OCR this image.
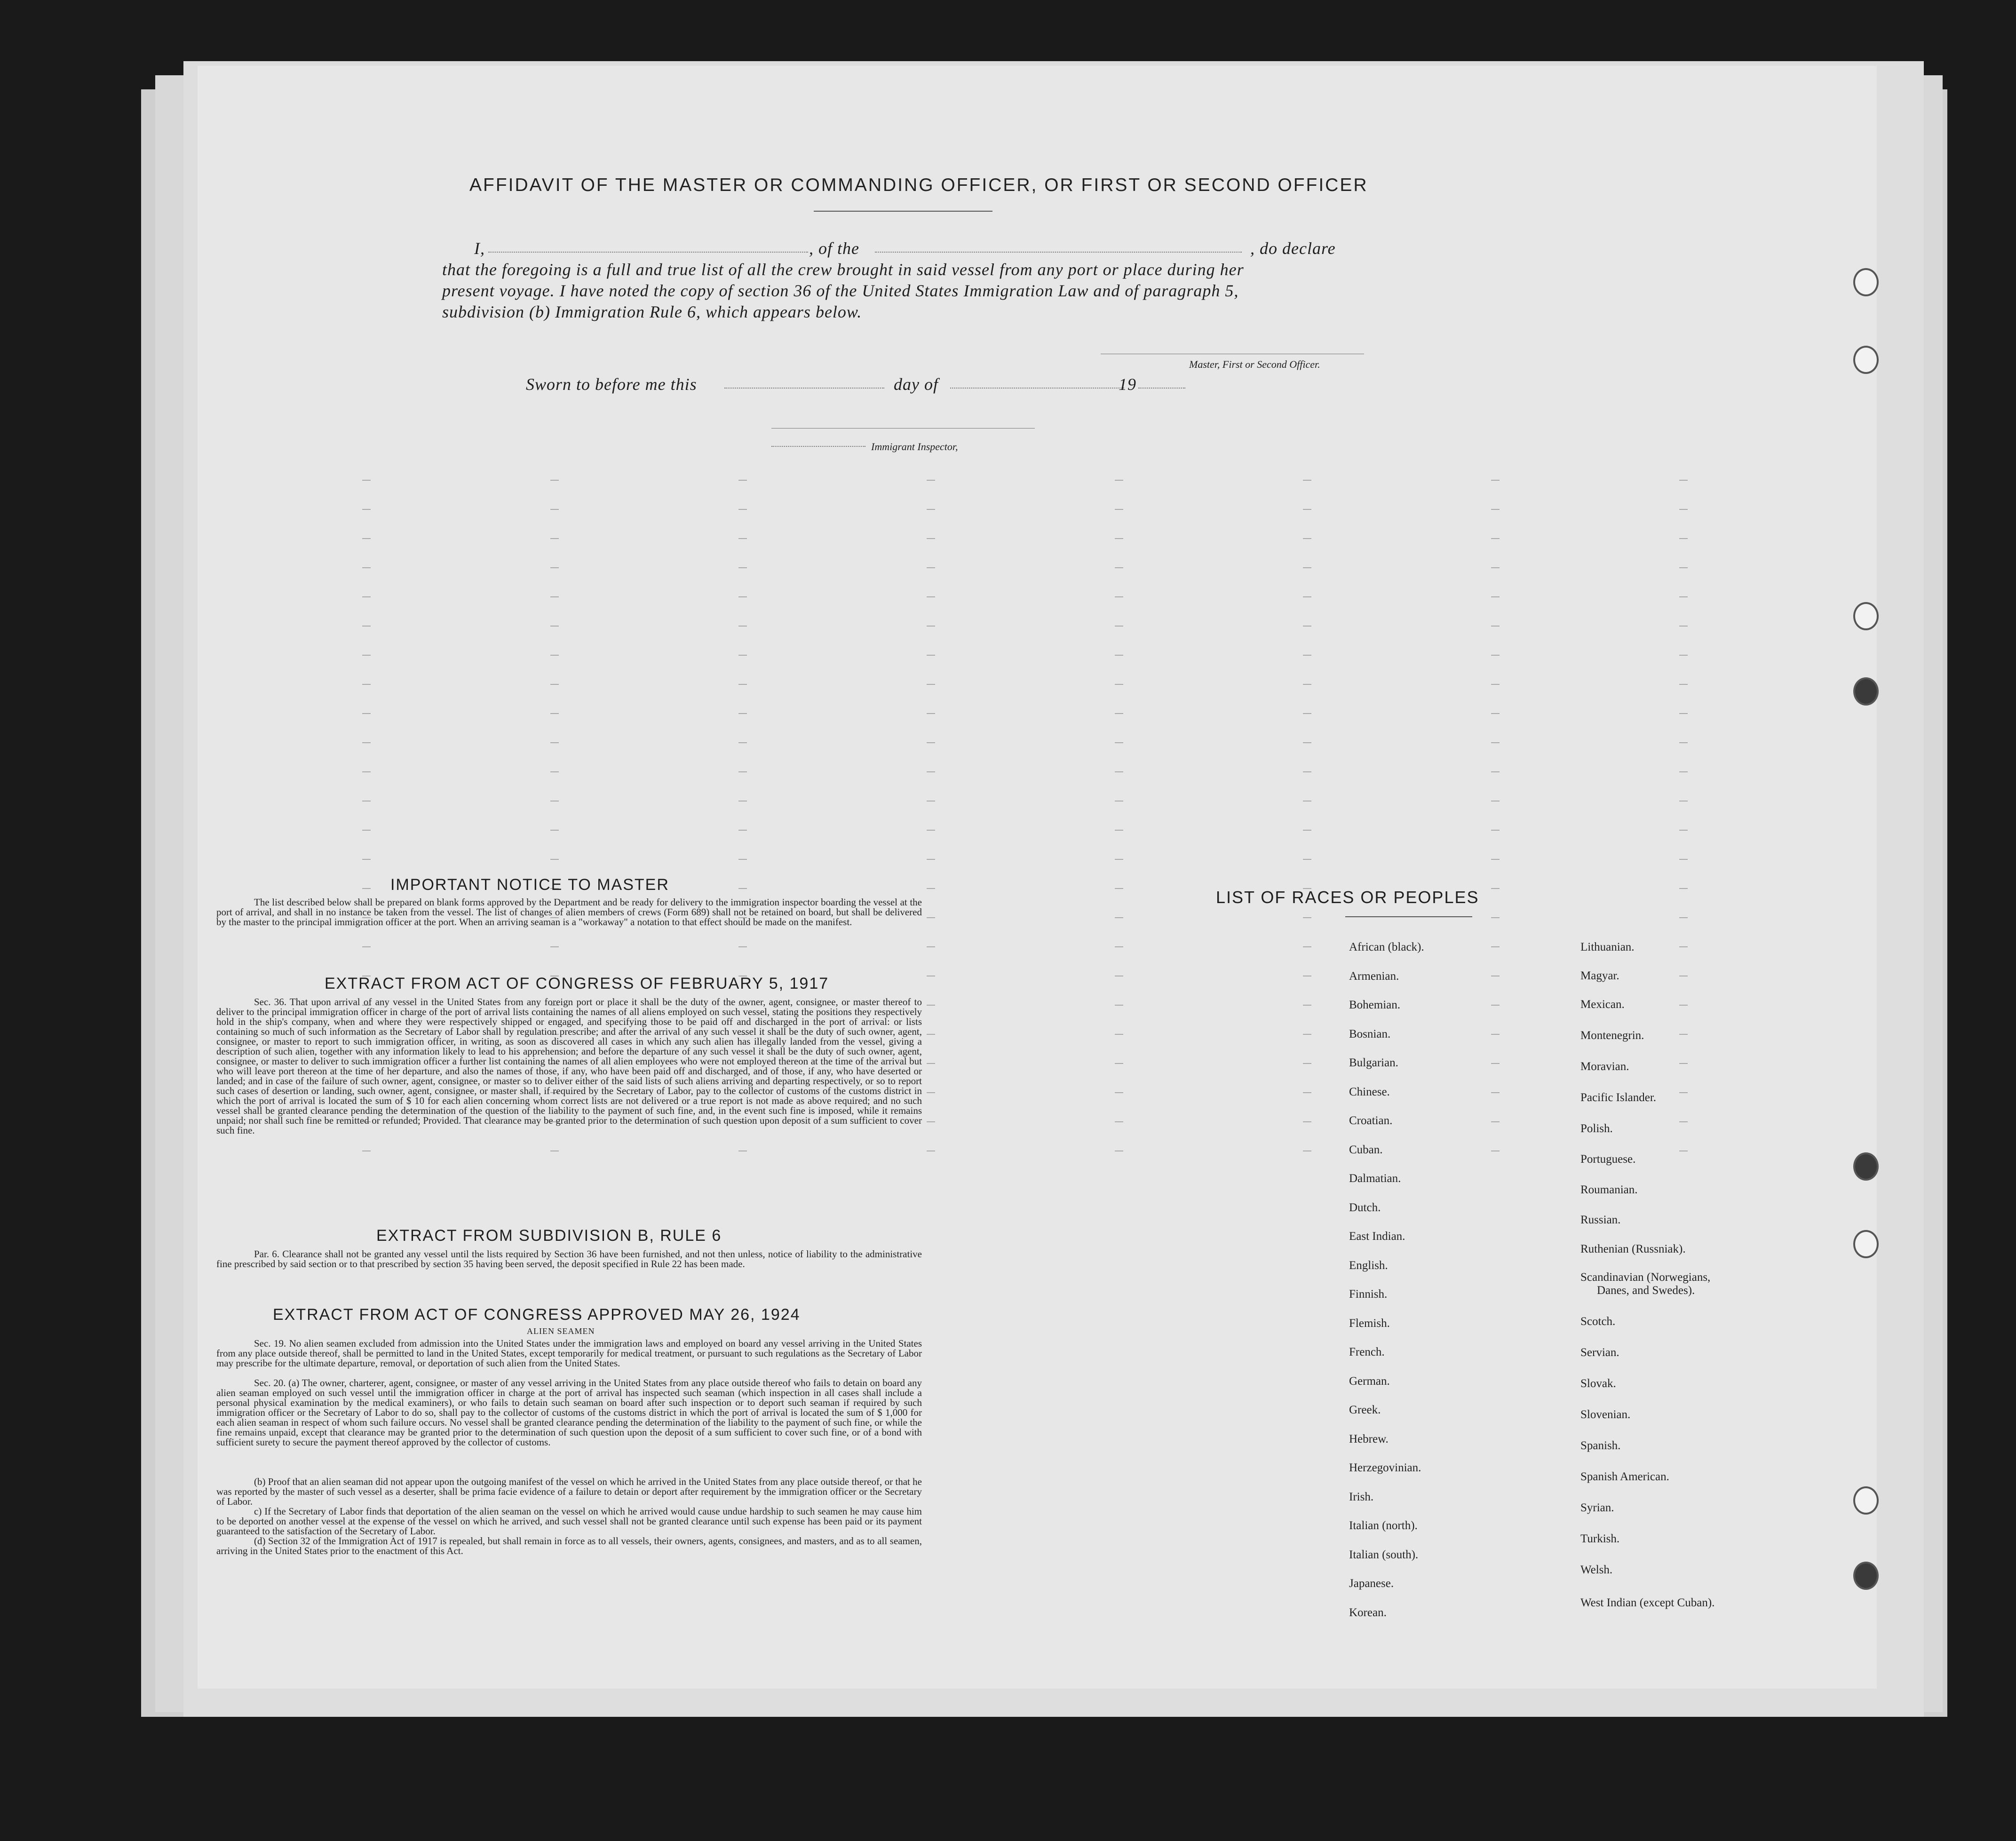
AFFIDAVIT OF THE MASTER OR COMMANDING OFFICER, OR FIRST OR SECOND OFFICER
I,	, of the	, do declare
that the foregoing is a full and true list of all the crew brought in said vessel from any port or place during her
present voyage. I have noted the copy of section 36 of the United States Immigration Law and of paragraph 5,
subdivision (b) Immigration Rule 6, which appears below.
Master, First or Second Officer.
Sworn to before me this	day of	19
Immigrant Inspector,
IMPORTANT NOTICE TO MASTER
The list described below shall be prepared on blank forms approved by the Department and be ready for delivery to the immigration inspector boarding the vessel at the port of arrival, and shall in no instance be taken from the vessel. The list of changes of alien members of crews (Form 689) shall not be retained on board, but shall be delivered by the master to the principal immigration officer at the port. When an arriving seaman is a "workaway" a notation to that effect should be made on the manifest.
EXTRACT FROM ACT OF CONGRESS OF FEBRUARY 5, 1917
Sec. 36. That upon arrival of any vessel in the United States from any foreign port or place it shall be the duty of the owner, agent, consignee, or master thereof to deliver to the principal immigration officer in charge of the port of arrival lists containing the names of all aliens employed on such vessel, stating the positions they respectively hold in the ship's company, when and where they were respectively shipped or engaged, and specifying those to be paid off and discharged in the port of arrival: or lists containing so much of such information as the Secretary of Labor shall by regulation prescribe; and after the arrival of any such vessel it shall be the duty of such owner, agent, consignee, or master to report to such immigration officer, in writing, as soon as discovered all cases in which any such alien has illegally landed from the vessel, giving a description of such alien, together with any information likely to lead to his apprehension; and before the departure of any such vessel it shall be the duty of such owner, agent, consignee, or master to deliver to such immigration officer a further list containing the names of all alien employees who were not employed thereon at the time of the arrival but who will leave port thereon at the time of her departure, and also the names of those, if any, who have been paid off and discharged, and of those, if any, who have deserted or landed; and in case of the failure of such owner, agent, consignee, or master so to deliver either of the said lists of such aliens arriving and departing respectively, or so to report such cases of desertion or landing, such owner, agent, consignee, or master shall, if required by the Secretary of Labor, pay to the collector of customs of the customs district in which the port of arrival is located the sum of $ 10 for each alien concerning whom correct lists are not delivered or a true report is not made as above required; and no such vessel shall be granted clearance pending the determination of the question of the liability to the payment of such fine, and, in the event such fine is imposed, while it remains unpaid; nor shall such fine be remitted or refunded; Provided. That clearance may be granted prior to the determination of such question upon deposit of a sum sufficient to cover such fine.
EXTRACT FROM SUBDIVISION B, RULE 6
Par. 6. Clearance shall not be granted any vessel until the lists required by Section 36 have been furnished, and not then unless, notice of liability to the administrative fine prescribed by said section or to that prescribed by section 35 having been served, the deposit specified in Rule 22 has been made.
EXTRACT FROM ACT OF CONGRESS APPROVED MAY 26, 1924
ALIEN SEAMEN
Sec. 19. No alien seamen excluded from admission into the United States under the immigration laws and employed on board any vessel arriving in the United States from any place outside thereof, shall be permitted to land in the United States, except temporarily for medical treatment, or pursuant to such regulations as the Secretary of Labor may prescribe for the ultimate departure, removal, or deportation of such alien from the United States.
Sec. 20. (a) The owner, charterer, agent, consignee, or master of any vessel arriving in the United States from any place outside thereof who fails to detain on board any alien seaman employed on such vessel until the immigration officer in charge at the port of arrival has inspected such seaman (which inspection in all cases shall include a personal physical examination by the medical examiners), or who fails to detain such seaman on board after such inspection or to deport such seaman if required by such immigration officer or the Secretary of Labor to do so, shall pay to the collector of customs of the customs district in which the port of arrival is located the sum of $ 1,000 for each alien seaman in respect of whom such failure occurs. No vessel shall be granted clearance pending the determination of the liability to the payment of such fine, or while the fine remains unpaid, except that clearance may be granted prior to the determination of such question upon the deposit of a sum sufficient to cover such fine, or of a bond with sufficient surety to secure the payment thereof approved by the collector of customs.
(b) Proof that an alien seaman did not appear upon the outgoing manifest of the vessel on which he arrived in the United States from any place outside thereof, or that he was reported by the master of such vessel as a deserter, shall be prima facie evidence of a failure to detain or deport after requirement by the immigration officer or the Secretary of Labor.
c) If the Secretary of Labor finds that deportation of the alien seaman on the vessel on which he arrived would cause undue hardship to such seamen he may cause him to be deported on another vessel at the expense of the vessel on which he arrived, and such vessel shall not be granted clearance until such expense has been paid or its payment guaranteed to the satisfaction of the Secretary of Labor.
(d) Section 32 of the Immigration Act of 1917 is repealed, but shall remain in force as to all vessels, their owners, agents, consignees, and masters, and as to all seamen, arriving in the United States prior to the enactment of this Act.
LIST OF RACES OR PEOPLES
African (black).
Armenian.
Bohemian.
Bosnian.
Bulgarian.
Chinese.
Croatian.
Cuban.
Dalmatian.
Dutch.
East Indian.
English.
Finnish.
Flemish.
French.
German.
Greek.
Hebrew.
Herzegovinian.
Irish.
Italian (north).
Italian (south).
Japanese.
Korean.
Lithuanian.
Magyar.
Mexican.
Montenegrin.
Moravian.
Pacific Islander.
Polish.
Portuguese.
Roumanian.
Russian.
Ruthenian (Russniak).
Scandinavian (Norwegians,
Danes, and Swedes).
Scotch.
Servian.
Slovak.
Slovenian.
Spanish.
Spanish American.
Syrian.
Turkish.
Welsh.
West Indian (except Cuban).
